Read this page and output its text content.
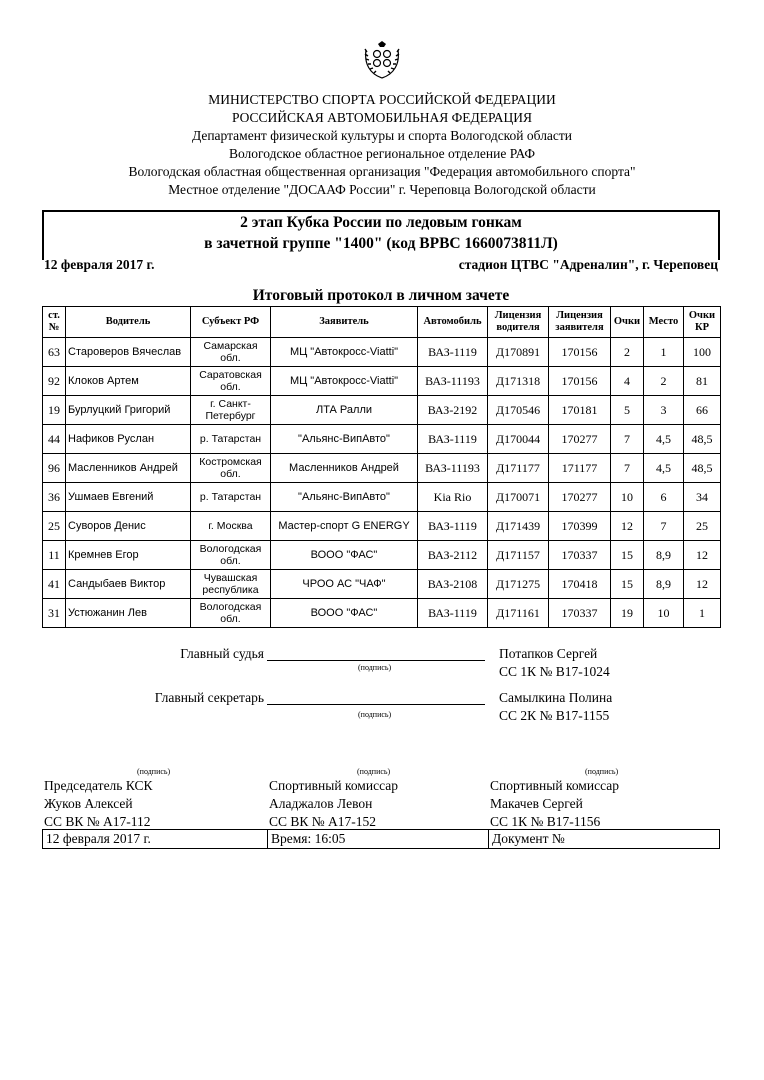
МИНИСТЕРСТВО СПОРТА РОССИЙСКОЙ ФЕДЕРАЦИИ
РОССИЙСКАЯ АВТОМОБИЛЬНАЯ ФЕДЕРАЦИЯ
Департамент физической культуры и спорта Вологодской области
Вологодское областное региональное отделение РАФ
Вологодская областная общественная организация "Федерация автомобильного спорта"
Местное отделение "ДОСААФ России" г. Череповца Вологодской области
2 этап Кубка России по ледовым гонкам
в зачетной группе "1400" (код ВРВС 1660073811Л)
12 февраля 2017 г.	стадион ЦТВС "Адреналин", г. Череповец
Итоговый протокол в личном зачете
ст. №	Водитель	Субъект РФ	Заявитель	Автомобиль	Лицензия водителя	Лицензия заявителя	Очки	Место	Очки КР
63	Староверов Вячеслав	Самарская обл.	МЦ "Автокросс-Viatti"	ВАЗ-1119	Д170891	170156	2	1	100
92	Клоков Артем	Саратовская обл.	МЦ "Автокросс-Viatti"	ВАЗ-11193	Д171318	170156	4	2	81
19	Бурлуцкий Григорий	г. Санкт-Петербург	ЛТА Ралли	ВАЗ-2192	Д170546	170181	5	3	66
44	Нафиков Руслан	р. Татарстан	"Альянс-ВипАвто"	ВАЗ-1119	Д170044	170277	7	4,5	48,5
96	Масленников Андрей	Костромская обл.	Масленников Андрей	ВАЗ-11193	Д171177	171177	7	4,5	48,5
36	Ушмаев Евгений	р. Татарстан	"Альянс-ВипАвто"	Kia Rio	Д170071	170277	10	6	34
25	Суворов Денис	г. Москва	Мастер-спорт G ENERGY	ВАЗ-1119	Д171439	170399	12	7	25
11	Кремнев Егор	Вологодская обл.	ВООО "ФАС"	ВАЗ-2112	Д171157	170337	15	8,9	12
41	Сандыбаев Виктор	Чувашская республика	ЧРОО АС "ЧАФ"	ВАЗ-2108	Д171275	170418	15	8,9	12
31	Устюжанин Лев	Вологодская обл.	ВООО "ФАС"	ВАЗ-1119	Д171161	170337	19	10	1
Главный судья
(подпись)
Потапков Сергей
СС 1К № В17-1024
Главный секретарь
(подпись)
Самылкина Полина
СС 2К № В17-1155
(подпись)	(подпись)	(подпись)
Председатель КСК
Жуков Алексей
СС ВК № А17-112
Спортивный комиссар
Аладжалов Левон
СС ВК № А17-152
Спортивный комиссар
Макачев Сергей
СС 1К № В17-1156
12 февраля 2017 г.	Время: 16:05	Документ №
